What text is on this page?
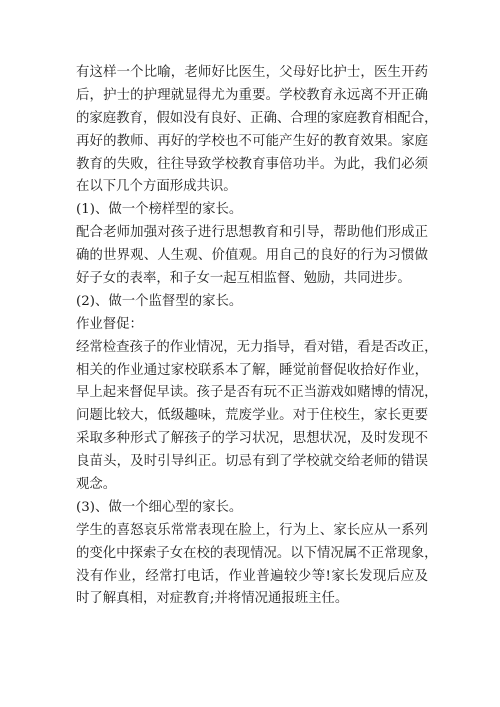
有这样一个比喻，老师好比医生，父母好比护士，医生开药
后，护士的护理就显得尤为重要。学校教育永远离不开正确
的家庭教育，假如没有良好、正确、合理的家庭教育相配合，
再好的教师、再好的学校也不可能产生好的教育效果。家庭
教育的失败，往往导致学校教育事倍功半。为此，我们必须
在以下几个方面形成共识。
(1)、做一个榜样型的家长。
配合老师加强对孩子进行思想教育和引导，帮助他们形成正
确的世界观、人生观、价值观。用自己的良好的行为习惯做
好子女的表率，和子女一起互相监督、勉励，共同进步。
(2)、做一个监督型的家长。
作业督促：
经常检查孩子的作业情况，无力指导，看对错，看是否改正，
相关的作业通过家校联系本了解，睡觉前督促收拾好作业，
早上起来督促早读。孩子是否有玩不正当游戏如赌博的情况，
问题比较大，低级趣味，荒废学业。对于住校生，家长更要
采取多种形式了解孩子的学习状况，思想状况，及时发现不
良苗头，及时引导纠正。切忌有到了学校就交给老师的错误
观念。
(3)、做一个细心型的家长。
学生的喜怒哀乐常常表现在脸上，行为上、家长应从一系列
的变化中探索子女在校的表现情况。以下情况属不正常现象，
没有作业，经常打电话，作业普遍较少等!家长发现后应及
时了解真相，对症教育;并将情况通报班主任。
